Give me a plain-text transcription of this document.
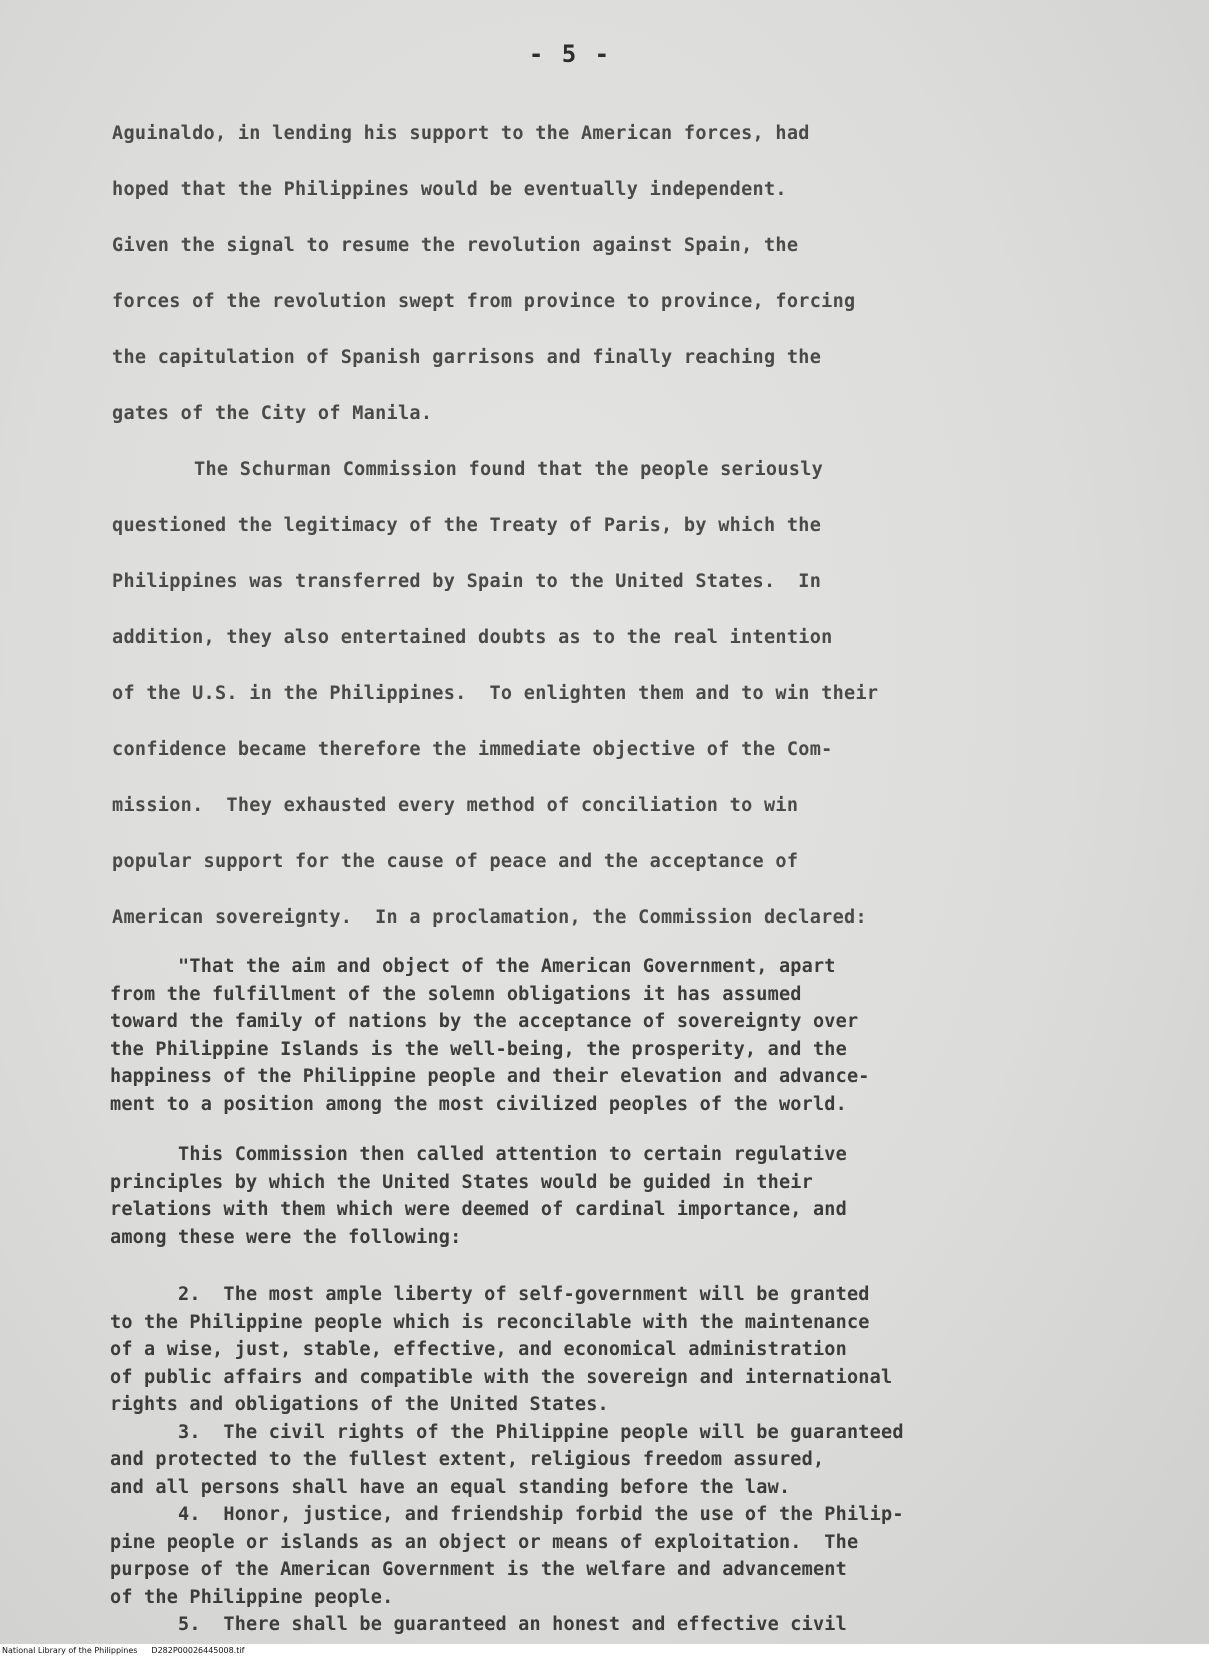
- 5 -
Aguinaldo, in lending his support to the American forces, had
hoped that the Philippines would be eventually independent.
Given the signal to resume the revolution against Spain, the
forces of the revolution swept from province to province, forcing
the capitulation of Spanish garrisons and finally reaching the
gates of the City of Manila.
The Schurman Commission found that the people seriously
questioned the legitimacy of the Treaty of Paris, by which the
Philippines was transferred by Spain to the United States.  In
addition, they also entertained doubts as to the real intention
of the U.S. in the Philippines.  To enlighten them and to win their
confidence became therefore the immediate objective of the Com-
mission.  They exhausted every method of conciliation to win
popular support for the cause of peace and the acceptance of
American sovereignty.  In a proclamation, the Commission declared:
"That the aim and object of the American Government, apart
from the fulfillment of the solemn obligations it has assumed
toward the family of nations by the acceptance of sovereignty over
the Philippine Islands is the well-being, the prosperity, and the
happiness of the Philippine people and their elevation and advance-
ment to a position among the most civilized peoples of the world.
This Commission then called attention to certain regulative
principles by which the United States would be guided in their
relations with them which were deemed of cardinal importance, and
among these were the following:
2.  The most ample liberty of self-government will be granted
to the Philippine people which is reconcilable with the maintenance
of a wise, just, stable, effective, and economical administration
of public affairs and compatible with the sovereign and international
rights and obligations of the United States.
3.  The civil rights of the Philippine people will be guaranteed
and protected to the fullest extent, religious freedom assured,
and all persons shall have an equal standing before the law.
4.  Honor, justice, and friendship forbid the use of the Philip-
pine people or islands as an object or means of exploitation.  The
purpose of the American Government is the welfare and advancement
of the Philippine people.
5.  There shall be guaranteed an honest and effective civil
National Library of the Philippines D282P00026445008.tif
